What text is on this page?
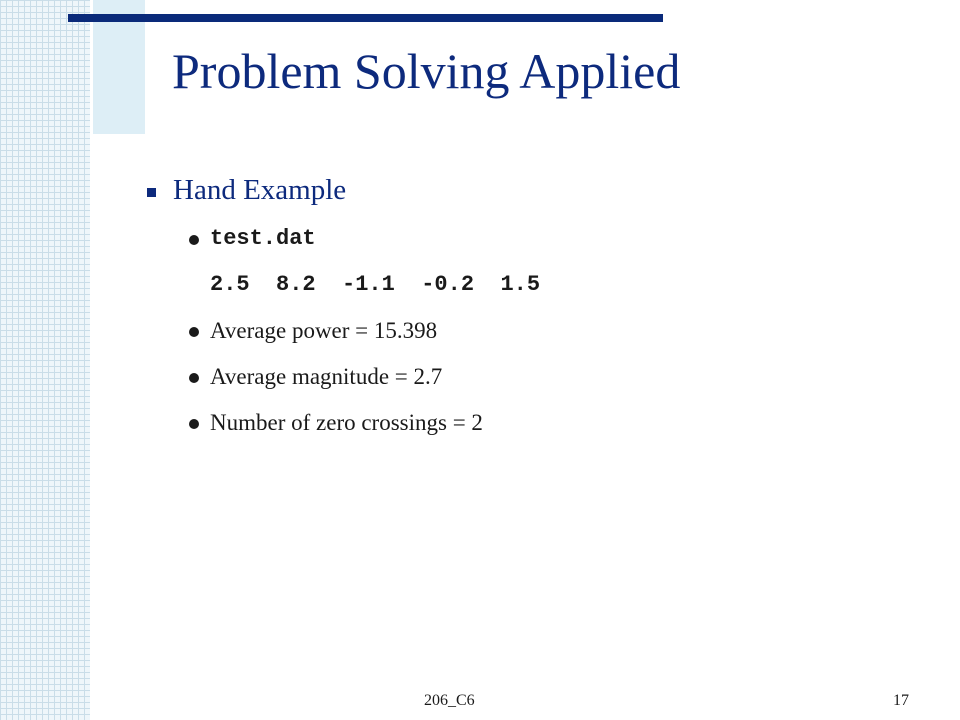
Problem Solving Applied
Hand Example
test.dat
2.5  8.2  -1.1  -0.2  1.5
Average power = 15.398
Average magnitude = 2.7
Number of zero crossings = 2
206_C6	17
